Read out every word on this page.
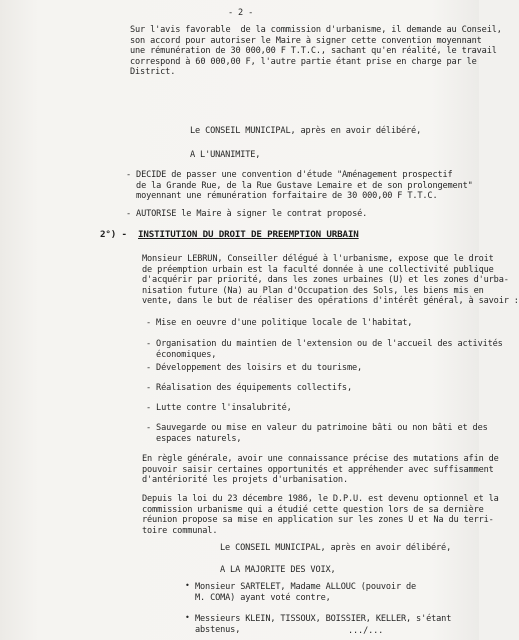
- 2 -
Sur l'avis favorable  de la commission d'urbanisme, il demande au Conseil,
son accord pour autoriser le Maire à signer cette convention moyennant
une rémunération de 30 000,00 F T.T.C., sachant qu'en réalité, le travail
correspond à 60 000,00 F, l'autre partie étant prise en charge par le
District.
Le CONSEIL MUNICIPAL, après en avoir délibéré,
A L'UNANIMITE,
- DECIDE de passer une convention d'étude "Aménagement prospectif
de la Grande Rue, de la Rue Gustave Lemaire et de son prolongement"
moyennant une rémunération forfaitaire de 30 000,00 F T.T.C.
- AUTORISE le Maire à signer le contrat proposé.
2°) - INSTITUTION DU DROIT DE PREEMPTION URBAIN
Monsieur LEBRUN, Conseiller délégué à l'urbanisme, expose que le droit
de préemption urbain est la faculté donnée à une collectivité publique
d'acquérir par priorité, dans les zones urbaines (U) et les zones d'urba-
nisation future (Na) au Plan d'Occupation des Sols, les biens mis en
vente, dans le but de réaliser des opérations d'intérêt général, à savoir :
- Mise en oeuvre d'une politique locale de l'habitat,
- Organisation du maintien de l'extension ou de l'accueil des activités
économiques,
- Développement des loisirs et du tourisme,
- Réalisation des équipements collectifs,
- Lutte contre l'insalubrité,
- Sauvegarde ou mise en valeur du patrimoine bâti ou non bâti et des
espaces naturels,
En règle générale, avoir une connaissance précise des mutations afin de
pouvoir saisir certaines opportunités et appréhender avec suffisamment
d'antériorité les projets d'urbanisation.
Depuis la loi du 23 décembre 1986, le D.P.U. est devenu optionnel et la
commission urbanisme qui a étudié cette question lors de sa dernière
réunion propose sa mise en application sur les zones U et Na du terri-
toire communal.
Le CONSEIL MUNICIPAL, après en avoir délibéré,
A LA MAJORITE DES VOIX,
• Monsieur SARTELET, Madame ALLOUC (pouvoir de
M. COMA) ayant voté contre,
• Messieurs KLEIN, TISSOUX, BOISSIER, KELLER, s'étant
abstenus,	.../...
